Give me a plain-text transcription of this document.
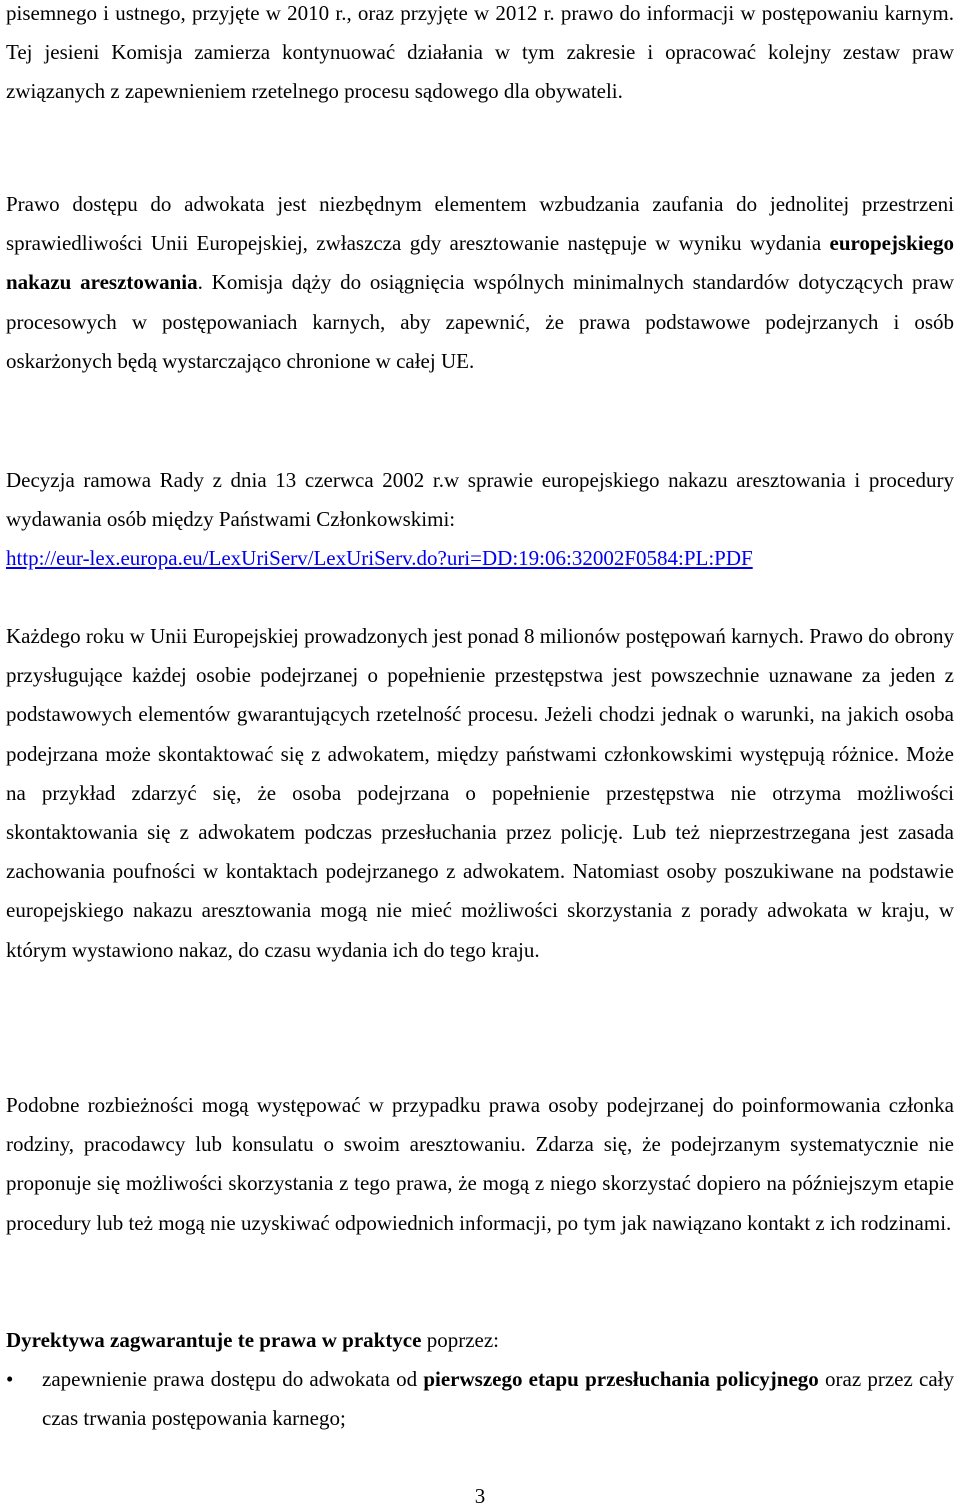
pisemnego i ustnego, przyjęte w 2010 r., oraz przyjęte w 2012 r. prawo do informacji w postępowaniu karnym. Tej jesieni Komisja zamierza kontynuować działania w tym zakresie i opracować kolejny zestaw praw związanych z zapewnieniem rzetelnego procesu sądowego dla obywateli.

Prawo dostępu do adwokata jest niezbędnym elementem wzbudzania zaufania do jednolitej przestrzeni sprawiedliwości Unii Europejskiej, zwłaszcza gdy aresztowanie następuje w wyniku wydania europejskiego nakazu aresztowania. Komisja dąży do osiągnięcia wspólnych minimalnych standardów dotyczących praw procesowych w postępowaniach karnych, aby zapewnić, że prawa podstawowe podejrzanych i osób oskarżonych będą wystarczająco chronione w całej UE.

Decyzja ramowa Rady z dnia 13 czerwca 2002 r.w sprawie europejskiego nakazu aresztowania i procedury wydawania osób między Państwami Członkowskimi:
http://eur-lex.europa.eu/LexUriServ/LexUriServ.do?uri=DD:19:06:32002F0584:PL:PDF

Każdego roku w Unii Europejskiej prowadzonych jest ponad 8 milionów postępowań karnych. Prawo do obrony przysługujące każdej osobie podejrzanej o popełnienie przestępstwa jest powszechnie uznawane za jeden z podstawowych elementów gwarantujących rzetelność procesu. Jeżeli chodzi jednak o warunki, na jakich osoba podejrzana może skontaktować się z adwokatem, między państwami członkowskimi występują różnice. Może na przykład zdarzyć się, że osoba podejrzana o popełnienie przestępstwa nie otrzyma możliwości skontaktowania się z adwokatem podczas przesłuchania przez policję. Lub też nieprzestrzegana jest zasada zachowania poufności w kontaktach podejrzanego z adwokatem. Natomiast osoby poszukiwane na podstawie europejskiego nakazu aresztowania mogą nie mieć możliwości skorzystania z porady adwokata w kraju, w którym wystawiono nakaz, do czasu wydania ich do tego kraju.

Podobne rozbieżności mogą występować w przypadku prawa osoby podejrzanej do poinformowania członka rodziny, pracodawcy lub konsulatu o swoim aresztowaniu. Zdarza się, że podejrzanym systematycznie nie proponuje się możliwości skorzystania z tego prawa, że mogą z niego skorzystać dopiero na późniejszym etapie procedury lub też mogą nie uzyskiwać odpowiednich informacji, po tym jak nawiązano kontakt z ich rodzinami.

Dyrektywa zagwarantuje te prawa w praktyce poprzez:

• zapewnienie prawa dostępu do adwokata od pierwszego etapu przesłuchania policyjnego oraz przez cały czas trwania postępowania karnego;

3
